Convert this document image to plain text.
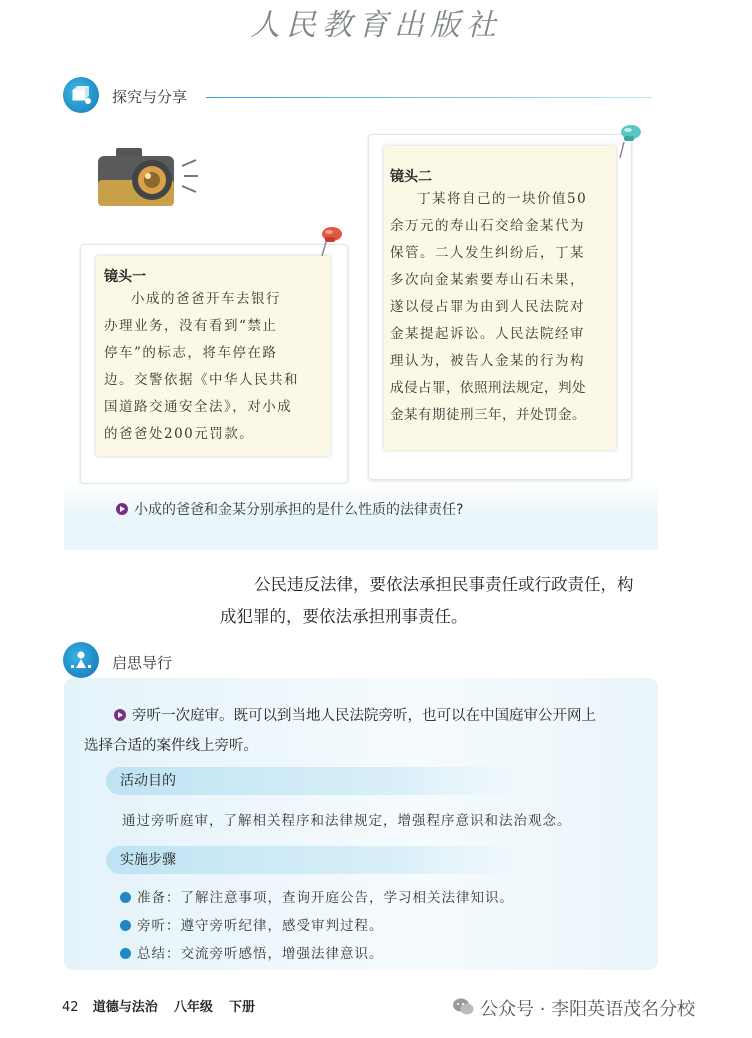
人民教育出版社
探究与分享
镜头一
小成的爸爸开车去银行
办理业务，没有看到“禁止
停车”的标志，将车停在路
边。交警依据《中华人民共和
国道路交通安全法》，对小成
的爸爸处200元罚款。
镜头二
丁某将自己的一块价值50
余万元的寿山石交给金某代为
保管。二人发生纠纷后，丁某
多次向金某索要寿山石未果，
遂以侵占罪为由到人民法院对
金某提起诉讼。人民法院经审
理认为，被告人金某的行为构
成侵占罪，依照刑法规定，判处
金某有期徒刑三年，并处罚金。
小成的爸爸和金某分别承担的是什么性质的法律责任?
公民违反法律，要依法承担民事责任或行政责任，构
成犯罪的，要依法承担刑事责任。
启思导行
旁听一次庭审。既可以到当地人民法院旁听，也可以在中国庭审公开网上
选择合适的案件线上旁听。
活动目的
通过旁听庭审，了解相关程序和法律规定，增强程序意识和法治观念。
实施步骤
准备：了解注意事项，查询开庭公告，学习相关法律知识。
旁听：遵守旁听纪律，感受审判过程。
总结：交流旁听感悟，增强法律意识。
42 道德与法治 八年级 下册	公众号 · 李阳英语茂名分校
